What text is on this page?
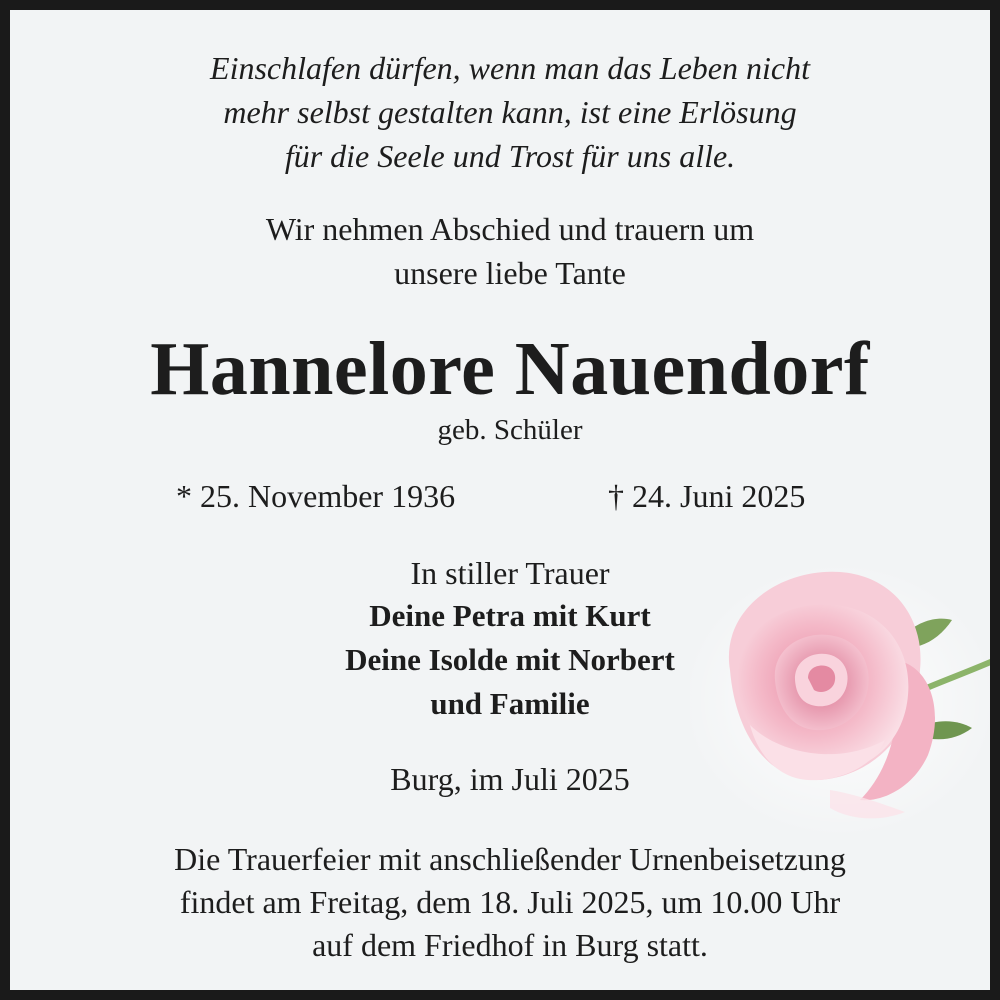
Einschlafen dürfen, wenn man das Leben nicht

mehr selbst gestalten kann, ist eine Erlösung

für die Seele und Trost für uns alle.

Wir nehmen Abschied und trauern um

unsere liebe Tante

Hannelore Nauendorf

geb. Schüler

* 25. November 1936	† 24. Juni 2025

In stiller Trauer

Deine Petra mit Kurt

Deine Isolde mit Norbert

und Familie

Burg, im Juli 2025

Die Trauerfeier mit anschließender Urnenbeisetzung

findet am Freitag, dem 18. Juli 2025, um 10.00 Uhr

auf dem Friedhof in Burg statt.
